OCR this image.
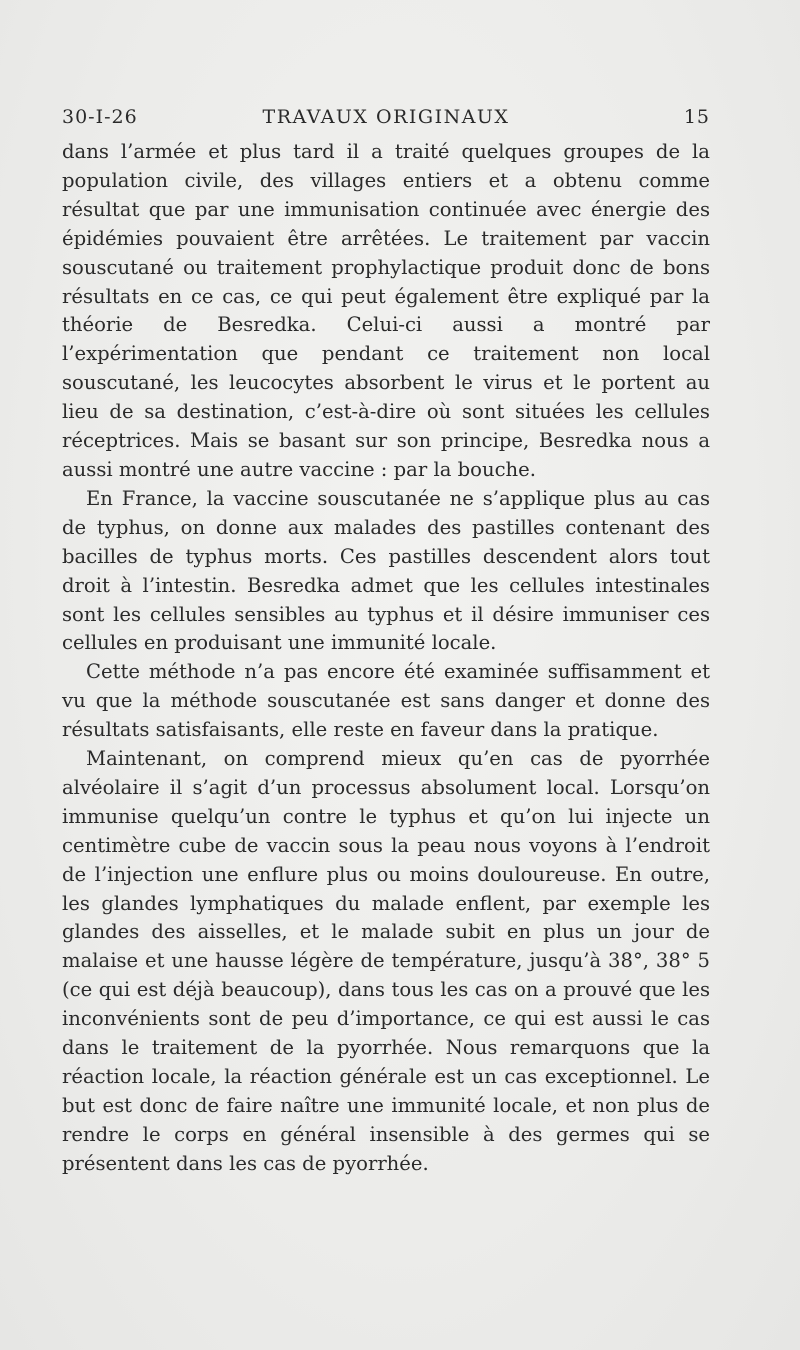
TRAVAUX ORIGINAUX
30-I-26	15

dans l’armée et plus tard il a traité quelques groupes de la population civile, des villages entiers et a obtenu comme résultat que par une immunisation continuée avec énergie des épidémies pouvaient être arrêtées. Le traitement par vaccin souscutané ou traitement prophylactique produit donc de bons résultats en ce cas, ce qui peut également être expliqué par la théorie de Besredka. Celui-ci aussi a montré par l’expérimentation que pendant ce traitement non local souscutané, les leucocytes absorbent le virus et le portent au lieu de sa destination, c’est-à-dire où sont situées les cellules réceptrices. Mais se basant sur son principe, Besredka nous a aussi montré une autre vaccine : par la bouche.

En France, la vaccine souscutanée ne s’applique plus au cas de typhus, on donne aux malades des pastilles contenant des bacilles de typhus morts. Ces pastilles descendent alors tout droit à l’intestin. Besredka admet que les cellules intestinales sont les cellules sensibles au typhus et il désire immuniser ces cellules en produisant une immunité locale.

Cette méthode n’a pas encore été examinée suffisamment et vu que la méthode souscutanée est sans danger et donne des résultats satisfaisants, elle reste en faveur dans la pratique.

Maintenant, on comprend mieux qu’en cas de pyorrhée alvéolaire il s’agit d’un processus absolument local. Lorsqu’on immunise quelqu’un contre le typhus et qu’on lui injecte un centimètre cube de vaccin sous la peau nous voyons à l’endroit de l’injection une enflure plus ou moins douloureuse. En outre, les glandes lymphatiques du malade enflent, par exemple les glandes des aisselles, et le malade subit en plus un jour de malaise et une hausse légère de température, jusqu’à 38°, 38° 5 (ce qui est déjà beaucoup), dans tous les cas on a prouvé que les inconvénients sont de peu d’importance, ce qui est aussi le cas dans le traitement de la pyorrhée. Nous remarquons que la réaction locale, la réaction générale est un cas exceptionnel. Le but est donc de faire naître une immunité locale, et non plus de rendre le corps en général insensible à des germes qui se présentent dans les cas de pyorrhée.
